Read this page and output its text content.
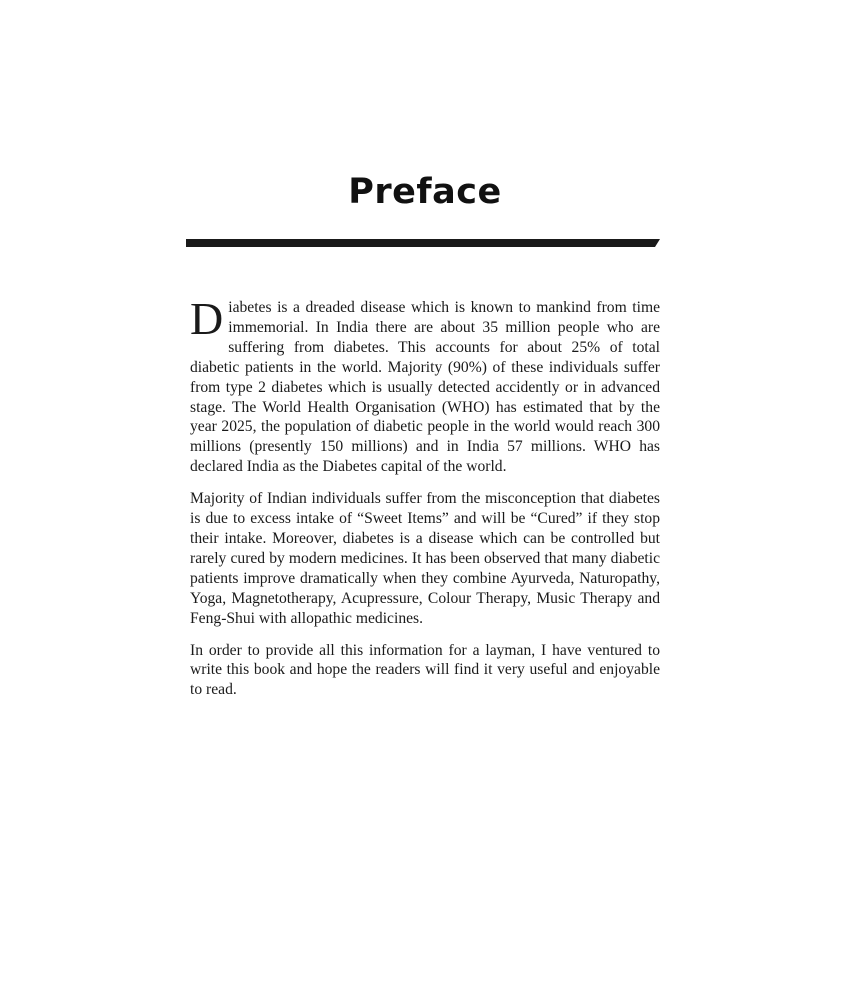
Preface

Diabetes is a dreaded disease which is known to mankind from time immemorial. In India there are about 35 million people who are suffering from diabetes. This accounts for about 25% of total diabetic patients in the world. Majority (90%) of these individuals suffer from type 2 diabetes which is usually detected accidently or in advanced stage. The World Health Organisation (WHO) has estimated that by the year 2025, the population of diabetic people in the world would reach 300 millions (presently 150 millions) and in India 57 millions. WHO has declared India as the Diabetes capital of the world.

Majority of Indian individuals suffer from the misconception that diabetes is due to excess intake of “Sweet Items” and will be “Cured” if they stop their intake. Moreover, diabetes is a disease which can be controlled but rarely cured by modern medicines. It has been observed that many diabetic patients improve dramatically when they combine Ayurveda, Naturopathy, Yoga, Magnetotherapy, Acupressure, Colour Therapy, Music Therapy and Feng-Shui with allopathic medicines.

In order to provide all this information for a layman, I have ventured to write this book and hope the readers will find it very useful and enjoyable to read.
